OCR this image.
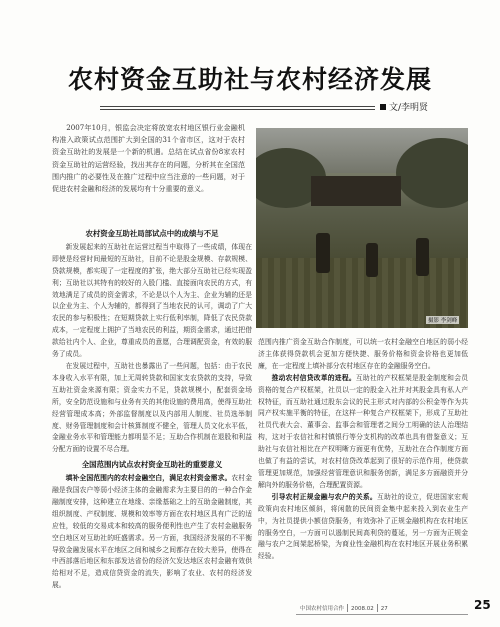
农村资金互助社与农村经济发展
文/李明贤

2007年10月，银监会决定将放宽农村地区银行业金融机构准入政策试点范围扩大到全国的31个省市区，这对于农村资金互助社的发展是一个新的机遇。总结在试点省份8家农村资金互助社的运营经验，找出其存在的问题，分析其在全国范围内推广的必要性及在推广过程中应当注意的一些问题，对于促进农村金融和经济的发展均有十分重要的意义。

农村资金互助社局部试点中的成绩与不足

新发展起来的互助社在运营过程当中取得了一些成绩，体现在即使是经营时间最短的互助社，目前不论是股金规模、存款规模、贷款规模，都实现了一定程度的扩张，绝大部分互助社已经实现盈利；互助社以其特有的较好的入股门槛、直接面向农民的方式，有效地满足了成员的资金需求，不论是以个人为主、企业为辅的还是以企业为主、个人为辅的，都得到了当地农民的认可，调动了广大农民的参与积极性；在短期贷款上实行低利率制，降低了农民贷款成本，一定程度上拥护了当地农民的利益，期资金需求，通过把借款给社内个人、企业，尊重成员的意愿，合理调配资金，有效的服务了成员。

在发展过程中，互助社也暴露出了一些问题，包括：由于农民本身收入水平有限，加上无周转贷款和国家支农贷款的支持，导致互助社资金来源有限；资金实力不足，贷款规模小，配套资金场所，安全防范设施和与业务有关的其他设施的费用高，使得互助社经营管理成本高；外部监督制度以及内部用人制度、社员选举制度、财务管理制度和会计核算制度不健全，管理人员文化水平低，金融业务水平和管理能力都明显不足；互助合作机制在退股和利益分配方面的设置不尽合理。

全国范围内试点农村资金互助社的重要意义

填补全国范围内的农村金融空白，满足农村资金需求。农村金融是我国农户等弱小经济主体的金融需求为主要目的的一种合作金融制度安排，这种建立在地缘、亲缘基础之上的互助金融制度，其组织制度、产权制度、规模和效率等方面在农村地区具有广泛的适应性，较低的交易成本和较高的服务便利性也产生了农村金融服务空白地区对互助社的旺盛需求。另一方面，我国经济发展的不平衡导致金融发展水平在地区之间和城乡之间都存在较大差异，使得在中西部落后地区和东部发达省份的经济欠发达地区农村金融有效供给相对不足，造成信贷资金的流失，影响了农业、农村的经济发展。

摄影 李剑峰

范围内推广资金互助合作制度，可以统一农村金融空白地区的弱小经济主体获得贷款机会更加方便快捷、服务价格和资金价格也更加低廉，在一定程度上填补部分农村地区存在的金融服务空白。

推动农村信贷改革的进程。互助社的产权框架是股金制度和会员资格的复合产权框架，社员以一定的股金入社并对其股金具有私人产权特征，而互助社通过股东会议的民主形式对内部的公积金等作为共同产权实施平衡的特征，在这样一种复合产权框架下，形成了互助社社员代表大会、董事会、监事会和管理者之间分工明确的法人治理结构，这对于农信社和村镇银行等分支机构的改革也具有借鉴意义；互助社与农信社相比在产权明晰方面更有优势，互助社在合作制度方面也做了有益的尝试，对农村信贷改革起到了很好的示范作用，使贷款管理更加规范，加强经营管理意识和服务创新，满足多方面融资并分解向外的服务价格，合理配置资源。

引导农村正规金融与农户的关系。互助社的设立，促进国家宏观政策向农村地区倾斜，将闲散的民间资金集中起来投入到农业生产中，为社员提供小额信贷服务，有效弥补了正规金融机构在农村地区的服务空白，一方面可以遏制民间高利贷的蔓延，另一方面为正规金融与农户之间架起桥梁，为商业性金融机构在农村地区开展业务积累经验。

中国农村信用合作 2008.02 27	25
